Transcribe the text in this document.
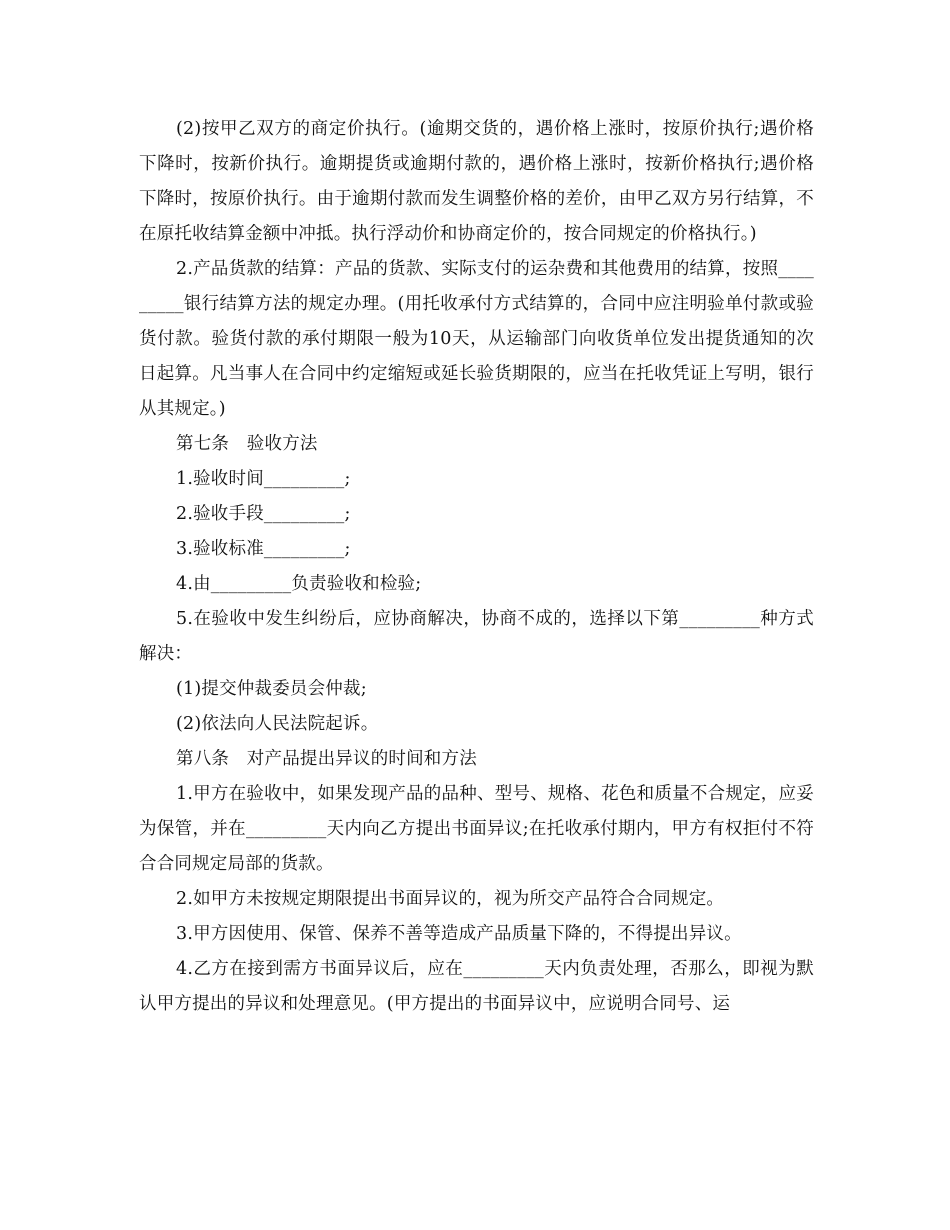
(2)按甲乙双方的商定价执行。(逾期交货的，遇价格上涨时，按原价执行;遇价格下降时，按新价执行。逾期提货或逾期付款的，遇价格上涨时，按新价格执行;遇价格下降时，按原价执行。由于逾期付款而发生调整价格的差价，由甲乙双方另行结算，不在原托收结算金额中冲抵。执行浮动价和协商定价的，按合同规定的价格执行。)

2.产品货款的结算：产品的货款、实际支付的运杂费和其他费用的结算，按照_________银行结算方法的规定办理。(用托收承付方式结算的，合同中应注明验单付款或验货付款。验货付款的承付期限一般为10天，从运输部门向收货单位发出提货通知的次日起算。凡当事人在合同中约定缩短或延长验货期限的，应当在托收凭证上写明，银行从其规定。)

第七条　验收方法

1.验收时间_________;

2.验收手段_________;

3.验收标准_________;

4.由_________负责验收和检验;

5.在验收中发生纠纷后，应协商解决，协商不成的，选择以下第_________种方式解决：

(1)提交仲裁委员会仲裁;

(2)依法向人民法院起诉。

第八条　对产品提出异议的时间和方法

1.甲方在验收中，如果发现产品的品种、型号、规格、花色和质量不合规定，应妥为保管，并在_________天内向乙方提出书面异议;在托收承付期内，甲方有权拒付不符合合同规定局部的货款。

2.如甲方未按规定期限提出书面异议的，视为所交产品符合合同规定。

3.甲方因使用、保管、保养不善等造成产品质量下降的，不得提出异议。

4.乙方在接到需方书面异议后，应在_________天内负责处理，否那么，即视为默认甲方提出的异议和处理意见。(甲方提出的书面异议中，应说明合同号、运
